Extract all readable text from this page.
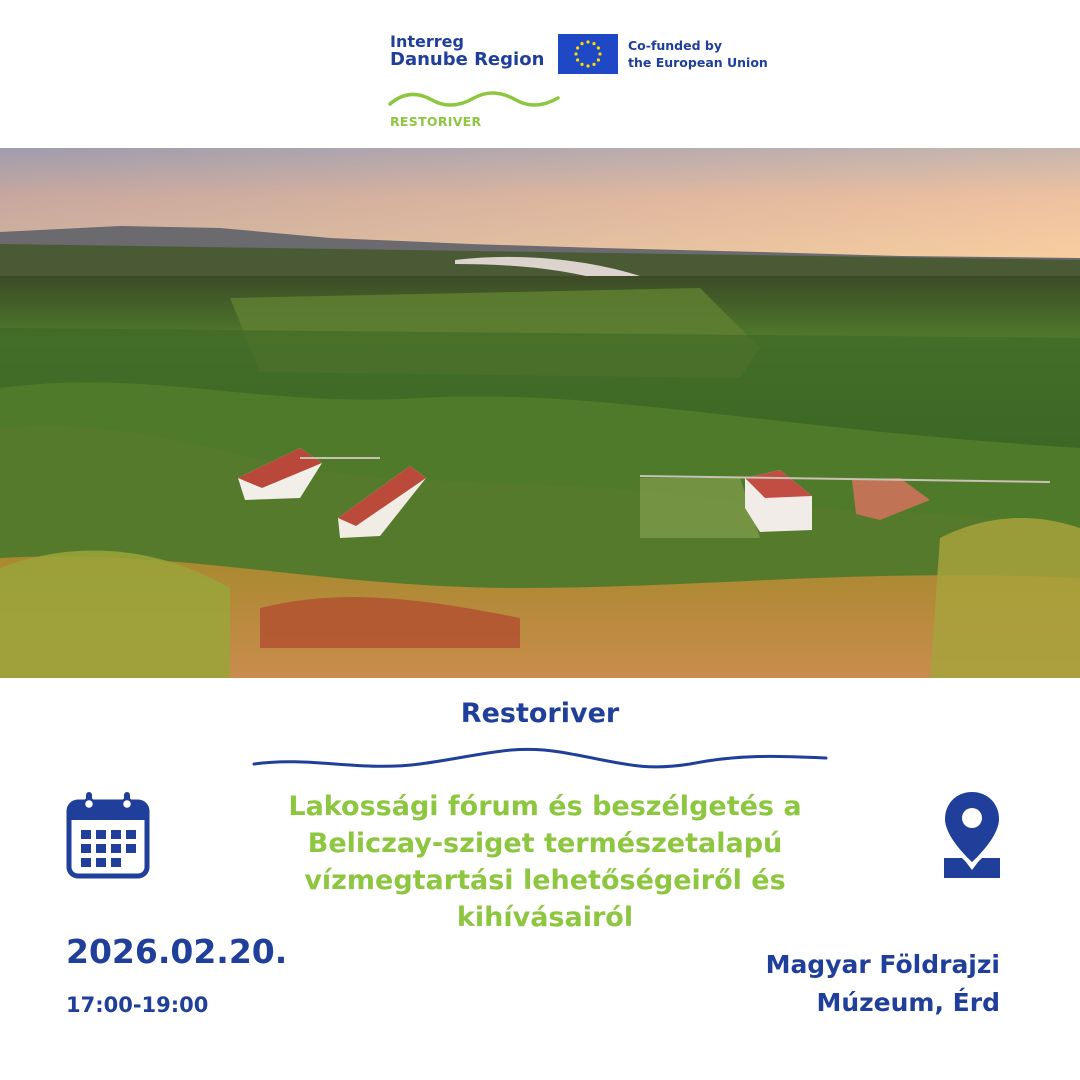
Interreg
Danube Region
Co-funded by
the European Union
RESTORIVER
Restoriver
Lakossági fórum és beszélgetés a Beliczay-sziget természetalapú vízmegtartási lehetőségeiről és kihívásairól
2026.02.20.
17:00-19:00
Magyar Földrajzi
Múzeum, Érd
